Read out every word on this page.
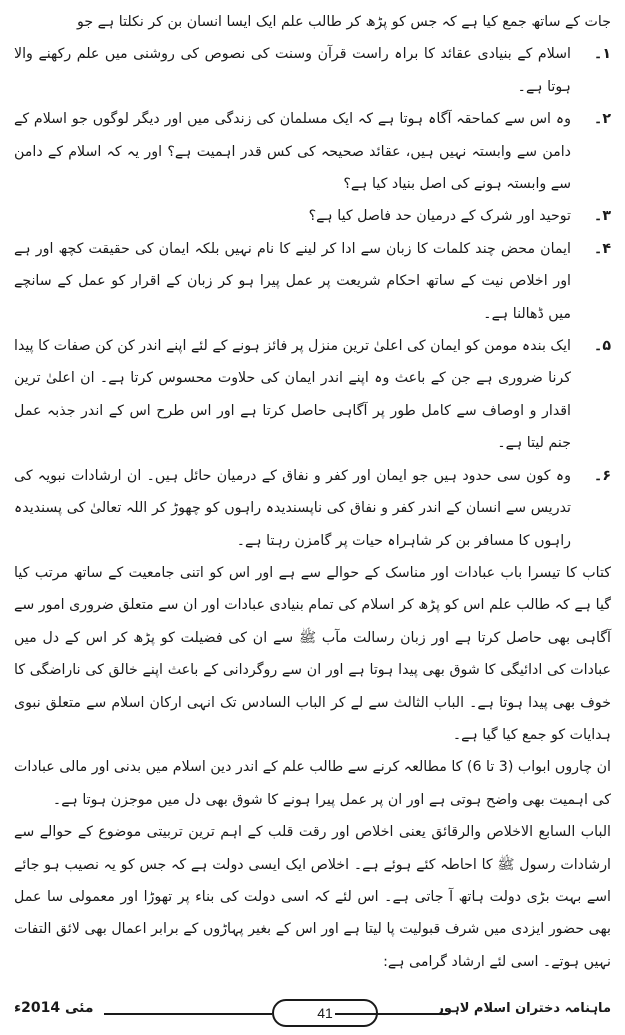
جات کے ساتھ جمع کیا ہے کہ جس کو پڑھ کر طالب علم ایک ایسا انسان بن کر نکلتا ہے جو

۱۔
اسلام کے بنیادی عقائد کا براہ راست قرآن وسنت کی نصوص کی روشنی میں علم رکھنے والا ہوتا ہے۔
۲۔
وہ اس سے کماحقہ آگاہ ہوتا ہے کہ ایک مسلمان کی زندگی میں اور دیگر لوگوں جو اسلام کے دامن سے وابستہ نہیں ہیں، عقائد صحیحہ کی کس قدر اہمیت ہے؟ اور یہ کہ اسلام کے دامن سے وابستہ ہونے کی اصل بنیاد کیا ہے؟
۳۔
توحید اور شرک کے درمیان حد فاصل کیا ہے؟
۴۔
ایمان محض چند کلمات کا زبان سے ادا کر لینے کا نام نہیں بلکہ ایمان کی حقیقت کچھ اور ہے اور اخلاص نیت کے ساتھ احکام شریعت پر عمل پیرا ہو کر زبان کے اقرار کو عمل کے سانچے میں ڈھالنا ہے۔
۵۔
ایک بندہ مومن کو ایمان کی اعلیٰ ترین منزل پر فائز ہونے کے لئے اپنے اندر کن کن صفات کا پیدا کرنا ضروری ہے جن کے باعث وہ اپنے اندر ایمان کی حلاوت محسوس کرتا ہے۔ ان اعلیٰ ترین اقدار و اوصاف سے کامل طور پر آگاہی حاصل کرتا ہے اور اس طرح اس کے اندر جذبہ عمل جنم لیتا ہے۔
۶۔
وہ کون سی حدود ہیں جو ایمان اور کفر و نفاق کے درمیان حائل ہیں۔ ان ارشادات نبویہ کی تدریس سے انسان کے اندر کفر و نفاق کی ناپسندیدہ راہوں کو چھوڑ کر اللہ تعالیٰ کی پسندیدہ راہوں کا مسافر بن کر شاہراہ حیات پر گامزن رہتا ہے۔

کتاب کا تیسرا باب عبادات اور مناسک کے حوالے سے ہے اور اس کو اتنی جامعیت کے ساتھ مرتب کیا گیا ہے کہ طالب علم اس کو پڑھ کر اسلام کی تمام بنیادی عبادات اور ان سے متعلق ضروری امور سے آگاہی بھی حاصل کرتا ہے اور زبان رسالت مآب ﷺ سے ان کی فضیلت کو پڑھ کر اس کے دل میں عبادات کی ادائیگی کا شوق بھی پیدا ہوتا ہے اور ان سے روگردانی کے باعث اپنے خالق کی ناراضگی کا خوف بھی پیدا ہوتا ہے۔ الباب الثالث سے لے کر الباب السادس تک انہی ارکان اسلام سے متعلق نبوی ہدایات کو جمع کیا گیا ہے۔

ان چاروں ابواب (3 تا 6) کا مطالعہ کرنے سے طالب علم کے اندر دین اسلام میں بدنی اور مالی عبادات کی اہمیت بھی واضح ہوتی ہے اور ان پر عمل پیرا ہونے کا شوق بھی دل میں موجزن ہوتا ہے۔

الباب السابع الاخلاص والرقائق یعنی اخلاص اور رقت قلب کے اہم ترین تربیتی موضوع کے حوالے سے ارشادات رسول ﷺ کا احاطہ کئے ہوئے ہے۔ اخلاص ایک ایسی دولت ہے کہ جس کو یہ نصیب ہو جائے اسے بہت بڑی دولت ہاتھ آ جاتی ہے۔ اس لئے کہ اسی دولت کی بناء پر تھوڑا اور معمولی سا عمل بھی حضور ایزدی میں شرف قبولیت پا لیتا ہے اور اس کے بغیر پہاڑوں کے برابر اعمال بھی لائق التفات نہیں ہوتے۔ اسی لئے ارشاد گرامی ہے:

ماہنامہ دختران اسلام لاہور
41
مئی 2014ء
